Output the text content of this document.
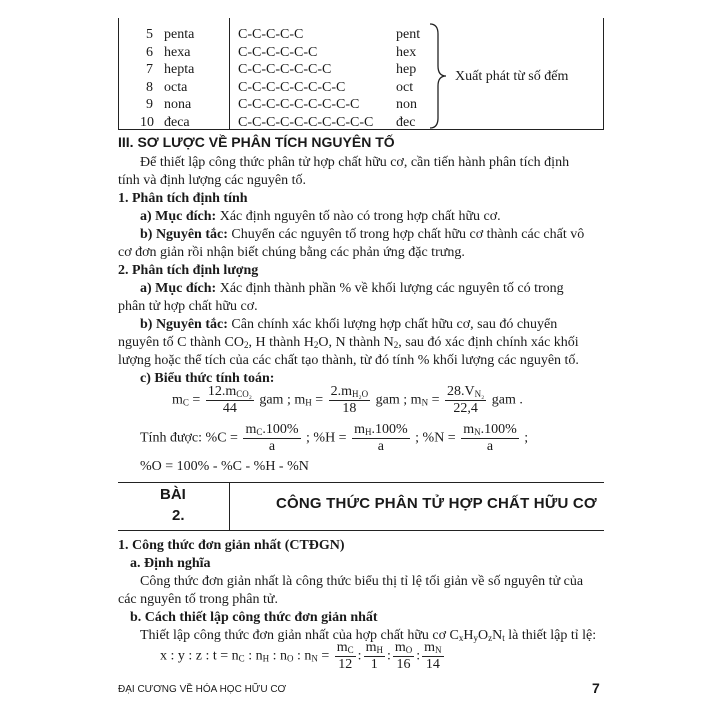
5 penta	C-C-C-C-C	pent
6 hexa	C-C-C-C-C-C	hex
7 hepta	C-C-C-C-C-C-C	hep
8 octa	C-C-C-C-C-C-C-C	oct
9 nona	C-C-C-C-C-C-C-C-C	non
10 đeca	C-C-C-C-C-C-C-C-C-C đec
Xuất phát từ số đếm
III. SƠ LƯỢC VỀ PHÂN TÍCH NGUYÊN TỐ
Để thiết lập công thức phân tử hợp chất hữu cơ, cần tiến hành phân tích định
tính và định lượng các nguyên tố.
1. Phân tích định tính
a) Mục đích: Xác định nguyên tố nào có trong hợp chất hữu cơ.
b) Nguyên tắc: Chuyển các nguyên tố trong hợp chất hữu cơ thành các chất vô
cơ đơn giản rồi nhận biết chúng bằng các phản ứng đặc trưng.
2. Phân tích định lượng
a) Mục đích: Xác định thành phần % về khối lượng các nguyên tố có trong
phân tử hợp chất hữu cơ.
b) Nguyên tắc: Cân chính xác khối lượng hợp chất hữu cơ, sau đó chuyển
nguyên tố C thành $CO_2$, H thành $H_2O$, N thành $N_2$, sau đó xác định chính xác khối
lượng hoặc thể tích của các chất tạo thành, từ đó tính % khối lượng các nguyên tố.
c) Biểu thức tính toán:
$m_C = \frac{12.m_{CO_2}}{44}$ gam ; $m_H = \frac{2.m_{H_2O}}{18}$ gam ; $m_N = \frac{28.V_{N_2}}{22,4}$ gam .
Tính được: $\%C = \frac{m_C.100\%}{a}$ ; $\%H = \frac{m_H.100\%}{a}$ ; $\%N = \frac{m_N.100\%}{a}$ ;
%O = 100% - %C - %H - %N
BÀI
2.
CÔNG THỨC PHÂN TỬ HỢP CHẤT HỮU CƠ
1. Công thức đơn giản nhất (CTĐGN)
a. Định nghĩa
Công thức đơn giản nhất là công thức biểu thị tỉ lệ tối giản về số nguyên tử của
các nguyên tố trong phân tử.
b. Cách thiết lập công thức đơn giản nhất
Thiết lập công thức đơn giản nhất của hợp chất hữu cơ $C_xH_yO_zN_t$ là thiết lập tỉ lệ:
x : y : z : $t = n_C$ : $n_H$ : $n_O$ : $n_N = \frac{m_C}{12}$ : $\frac{m_H}{1}$ : $\frac{m_O}{16}$ : $\frac{m_N}{14}$
ĐẠI CƯƠNG VỀ HÓA HỌC HỮU CƠ	7
